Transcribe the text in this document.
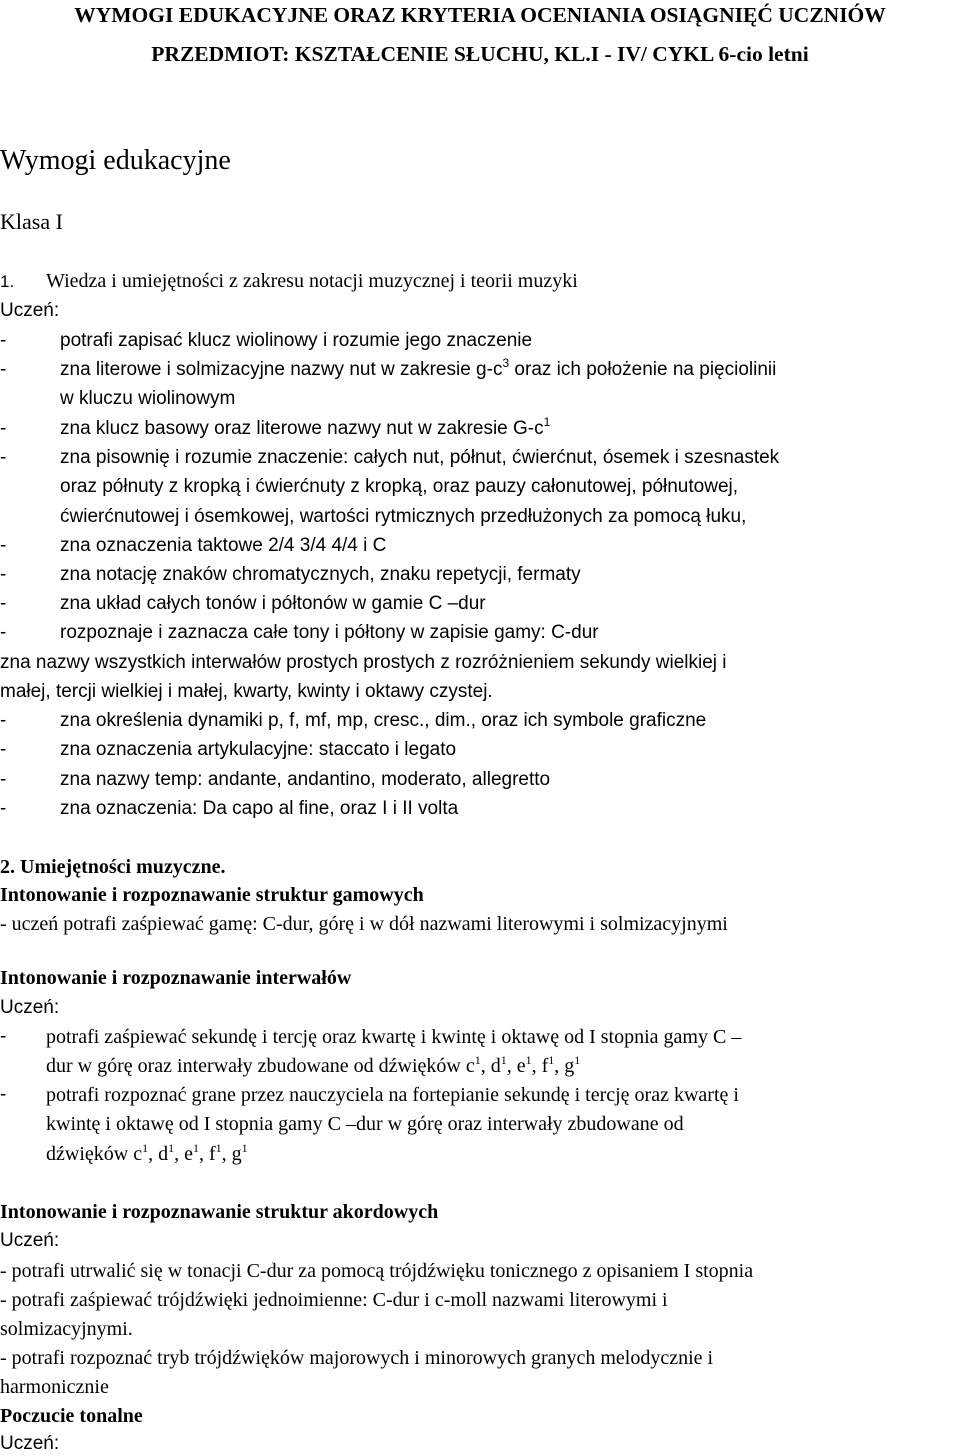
WYMOGI EDUKACYJNE ORAZ KRYTERIA OCENIANIA OSIĄGNIĘĆ UCZNIÓW
PRZEDMIOT: KSZTAŁCENIE SŁUCHU, KL.I - IV/ CYKL 6-cio letni
Wymogi edukacyjne
Klasa I
1. Wiedza i umiejętności z zakresu notacji muzycznej i teorii muzyki
Uczeń:
-	potrafi zapisać klucz wiolinowy i rozumie jego znaczenie
-	zna literowe i solmizacyjne nazwy nut w zakresie $g-c^3$ oraz ich położenie na pięciolinii
w kluczu wiolinowym
-	zna klucz basowy oraz literowe nazwy nut w zakresie $G-c^1$
-	zna pisownię i rozumie znaczenie: całych nut, półnut, ćwierćnut, ósemek i szesnastek
oraz półnuty z kropką i ćwierćnuty z kropką, oraz pauzy całonutowej, półnutowej,
ćwierćnutowej i ósemkowej, wartości rytmicznych przedłużonych za pomocą łuku,
-	zna oznaczenia taktowe 2/4 3/4 4/4 i C
-	zna notację znaków chromatycznych, znaku repetycji, fermaty
-	zna układ całych tonów i półtonów w gamie C –dur
-	rozpoznaje i zaznacza całe tony i półtony w zapisie gamy: C-dur
zna nazwy wszystkich interwałów prostych prostych z rozróżnieniem sekundy wielkiej i
małej, tercji wielkiej i małej, kwarty, kwinty i oktawy czystej.
-	zna określenia dynamiki p, f, mf, mp, cresc., dim., oraz ich symbole graficzne
-	zna oznaczenia artykulacyjne: staccato i legato
-	zna nazwy temp: andante, andantino, moderato, allegretto
-	zna oznaczenia: Da capo al fine, oraz I i II volta
2. Umiejętności muzyczne.
Intonowanie i rozpoznawanie struktur gamowych
- uczeń potrafi zaśpiewać gamę: C-dur, górę i w dół nazwami literowymi i solmizacyjnymi
Intonowanie i rozpoznawanie interwałów
Uczeń:
- potrafi zaśpiewać sekundę i tercję oraz kwartę i kwintę i oktawę od I stopnia gamy C –
dur w górę oraz interwały zbudowane od dźwięków $c^1$, $d^1$, $e^1$, $f^1$, $g^1$
- potrafi rozpoznać grane przez nauczyciela na fortepianie sekundę i tercję oraz kwartę i
kwintę i oktawę od I stopnia gamy C –dur w górę oraz interwały zbudowane od
dźwięków $c^1$, $d^1$, $e^1$, $f^1$, $g^1$
Intonowanie i rozpoznawanie struktur akordowych
Uczeń:
- potrafi utrwalić się w tonacji C-dur za pomocą trójdźwięku tonicznego z opisaniem I stopnia
- potrafi zaśpiewać trójdźwięki jednoimienne: C-dur i c-moll nazwami literowymi i
solmizacyjnymi.
- potrafi rozpoznać tryb trójdźwięków majorowych i minorowych granych melodycznie i
harmonicznie
Poczucie tonalne
Uczeń:
